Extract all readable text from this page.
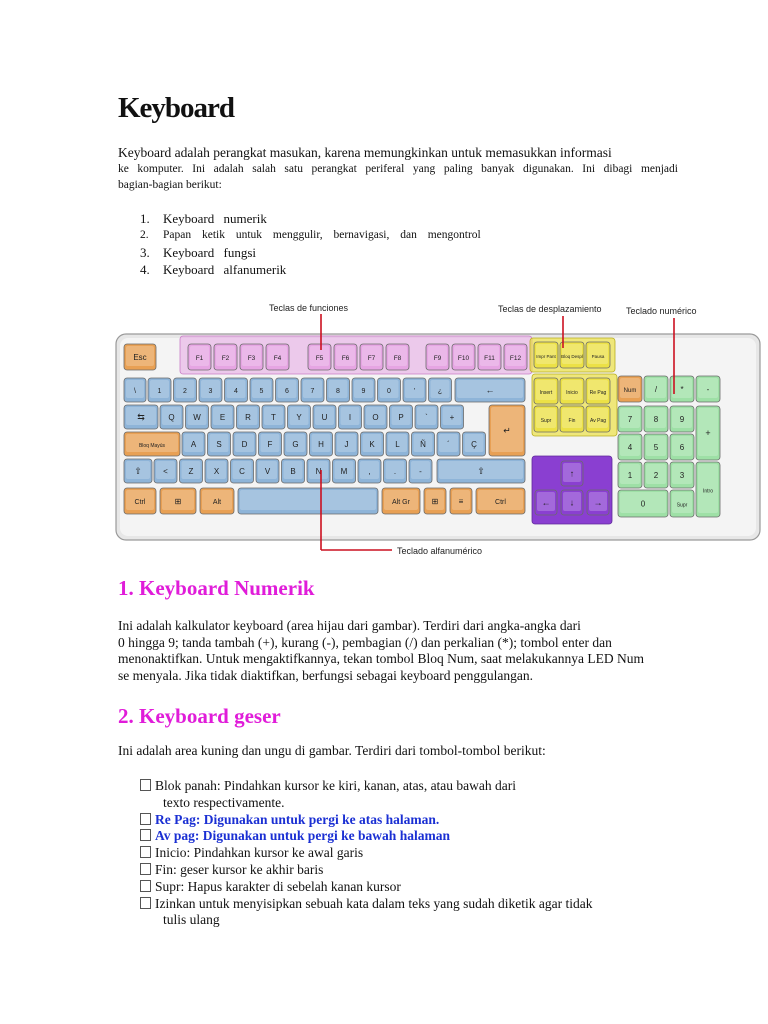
Keyboard
Keyboard adalah perangkat masukan, karena memungkinkan untuk memasukkan informasi
ke komputer. Ini adalah salah satu perangkat periferal yang paling banyak digunakan. Ini dibagi menjadi
bagian-bagian berikut:
1. Keyboard numerik
2. Papan ketik untuk menggulir, bernavigasi, dan mengontrol
3. Keyboard fungsi
4. Keyboard alfanumerik
Esc	F1	F2	F3	F4	F5	F6	F7	F8	F9	F10 F11 F12	Impr Pant Bloq Despl Pausa
\	1	2	3	4	5	6	7	8	9	0	'	¿	←
⇆	Q W E R	T	Y U	I	O P	`	+
↵
Bloq Mayús	A	S D	F G H	J	K	L	Ñ	´	Ç
⇧	<	Z	X C V	B N M	,	.	-	⇧
Ctrl	⊞	Alt	Alt Gr	⊞	≡	Ctrl
Insert	Inicio Re Pag
Supr	Fin	Av Pag
↑
← ↓ →
Num /	*	-
7	8	9
4	5	6
1	2	3
0	Supr
+
Intro
Teclas de funciones	Teclas de desplazamiento	Teclado numérico
Teclado alfanumérico
1. Keyboard Numerik
Ini adalah kalkulator keyboard (area hijau dari gambar). Terdiri dari angka-angka dari
0 hingga 9; tanda tambah (+), kurang (-), pembagian (/) dan perkalian (*); tombol enter dan
menonaktifkan. Untuk mengaktifkannya, tekan tombol Bloq Num, saat melakukannya LED Num
se menyala. Jika tidak diaktifkan, berfungsi sebagai keyboard penggulangan.
2. Keyboard geser
Ini adalah area kuning dan ungu di gambar. Terdiri dari tombol-tombol berikut:
Blok panah: Pindahkan kursor ke kiri, kanan, atas, atau bawah dari
texto respectivamente.
Re Pag: Digunakan untuk pergi ke atas halaman.
Av pag: Digunakan untuk pergi ke bawah halaman
Inicio: Pindahkan kursor ke awal garis
Fin: geser kursor ke akhir baris
Supr: Hapus karakter di sebelah kanan kursor
Izinkan untuk menyisipkan sebuah kata dalam teks yang sudah diketik agar tidak
tulis ulang
